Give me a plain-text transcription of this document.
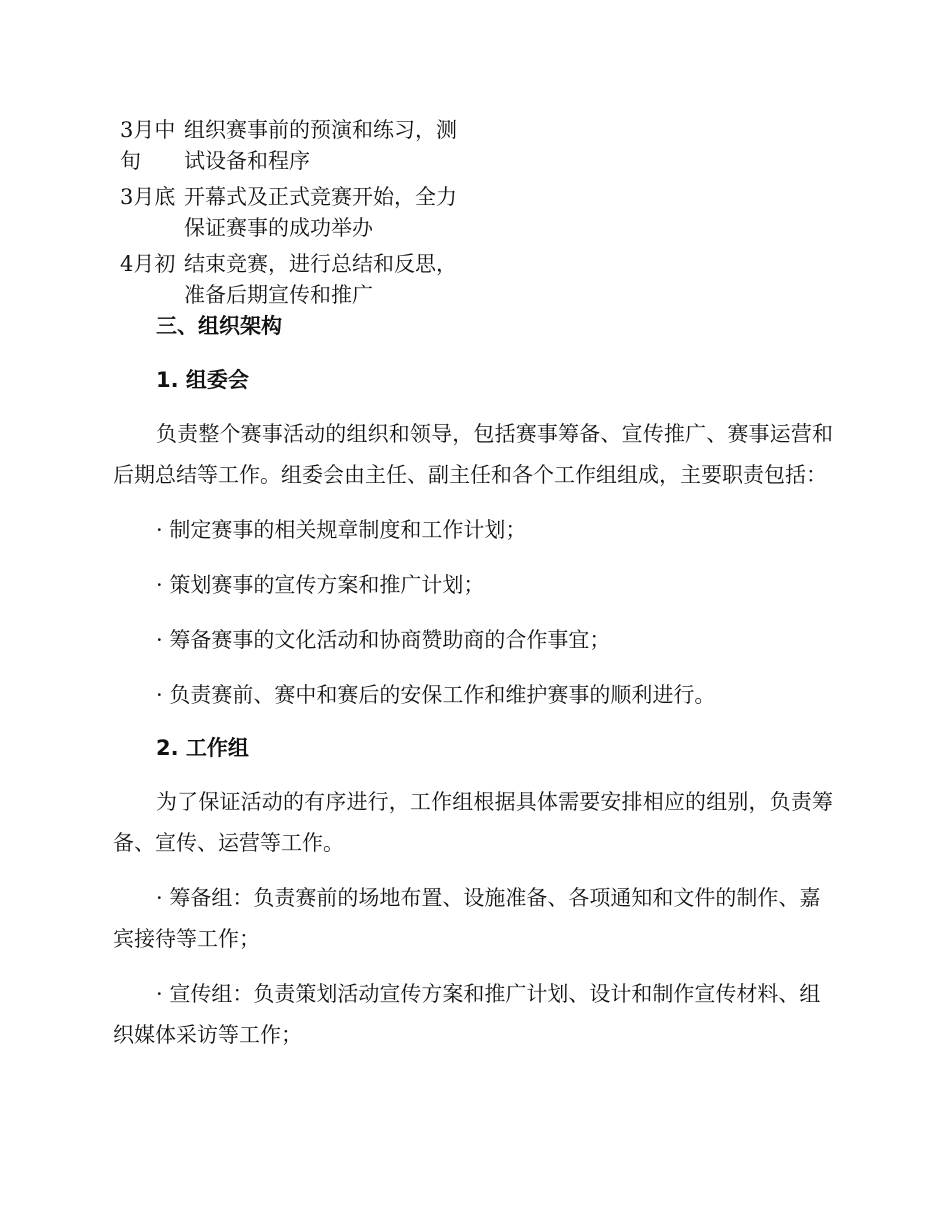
3月中旬
组织赛事前的预演和练习，测试设备和程序
3月底 开幕式及正式竞赛开始，全力保证赛事的成功举办
4月初 结束竞赛，进行总结和反思，准备后期宣传和推广
三、组织架构
1. 组委会

负责整个赛事活动的组织和领导，包括赛事筹备、宣传推广、赛事运营和后期总结等工作。组委会由主任、副主任和各个工作组组成，主要职责包括：

· 制定赛事的相关规章制度和工作计划；

· 策划赛事的宣传方案和推广计划；

· 筹备赛事的文化活动和协商赞助商的合作事宜；

· 负责赛前、赛中和赛后的安保工作和维护赛事的顺利进行。

2. 工作组

为了保证活动的有序进行，工作组根据具体需要安排相应的组别，负责筹备、宣传、运营等工作。

· 筹备组：负责赛前的场地布置、设施准备、各项通知和文件的制作、嘉宾接待等工作；

· 宣传组：负责策划活动宣传方案和推广计划、设计和制作宣传材料、组织媒体采访等工作；
